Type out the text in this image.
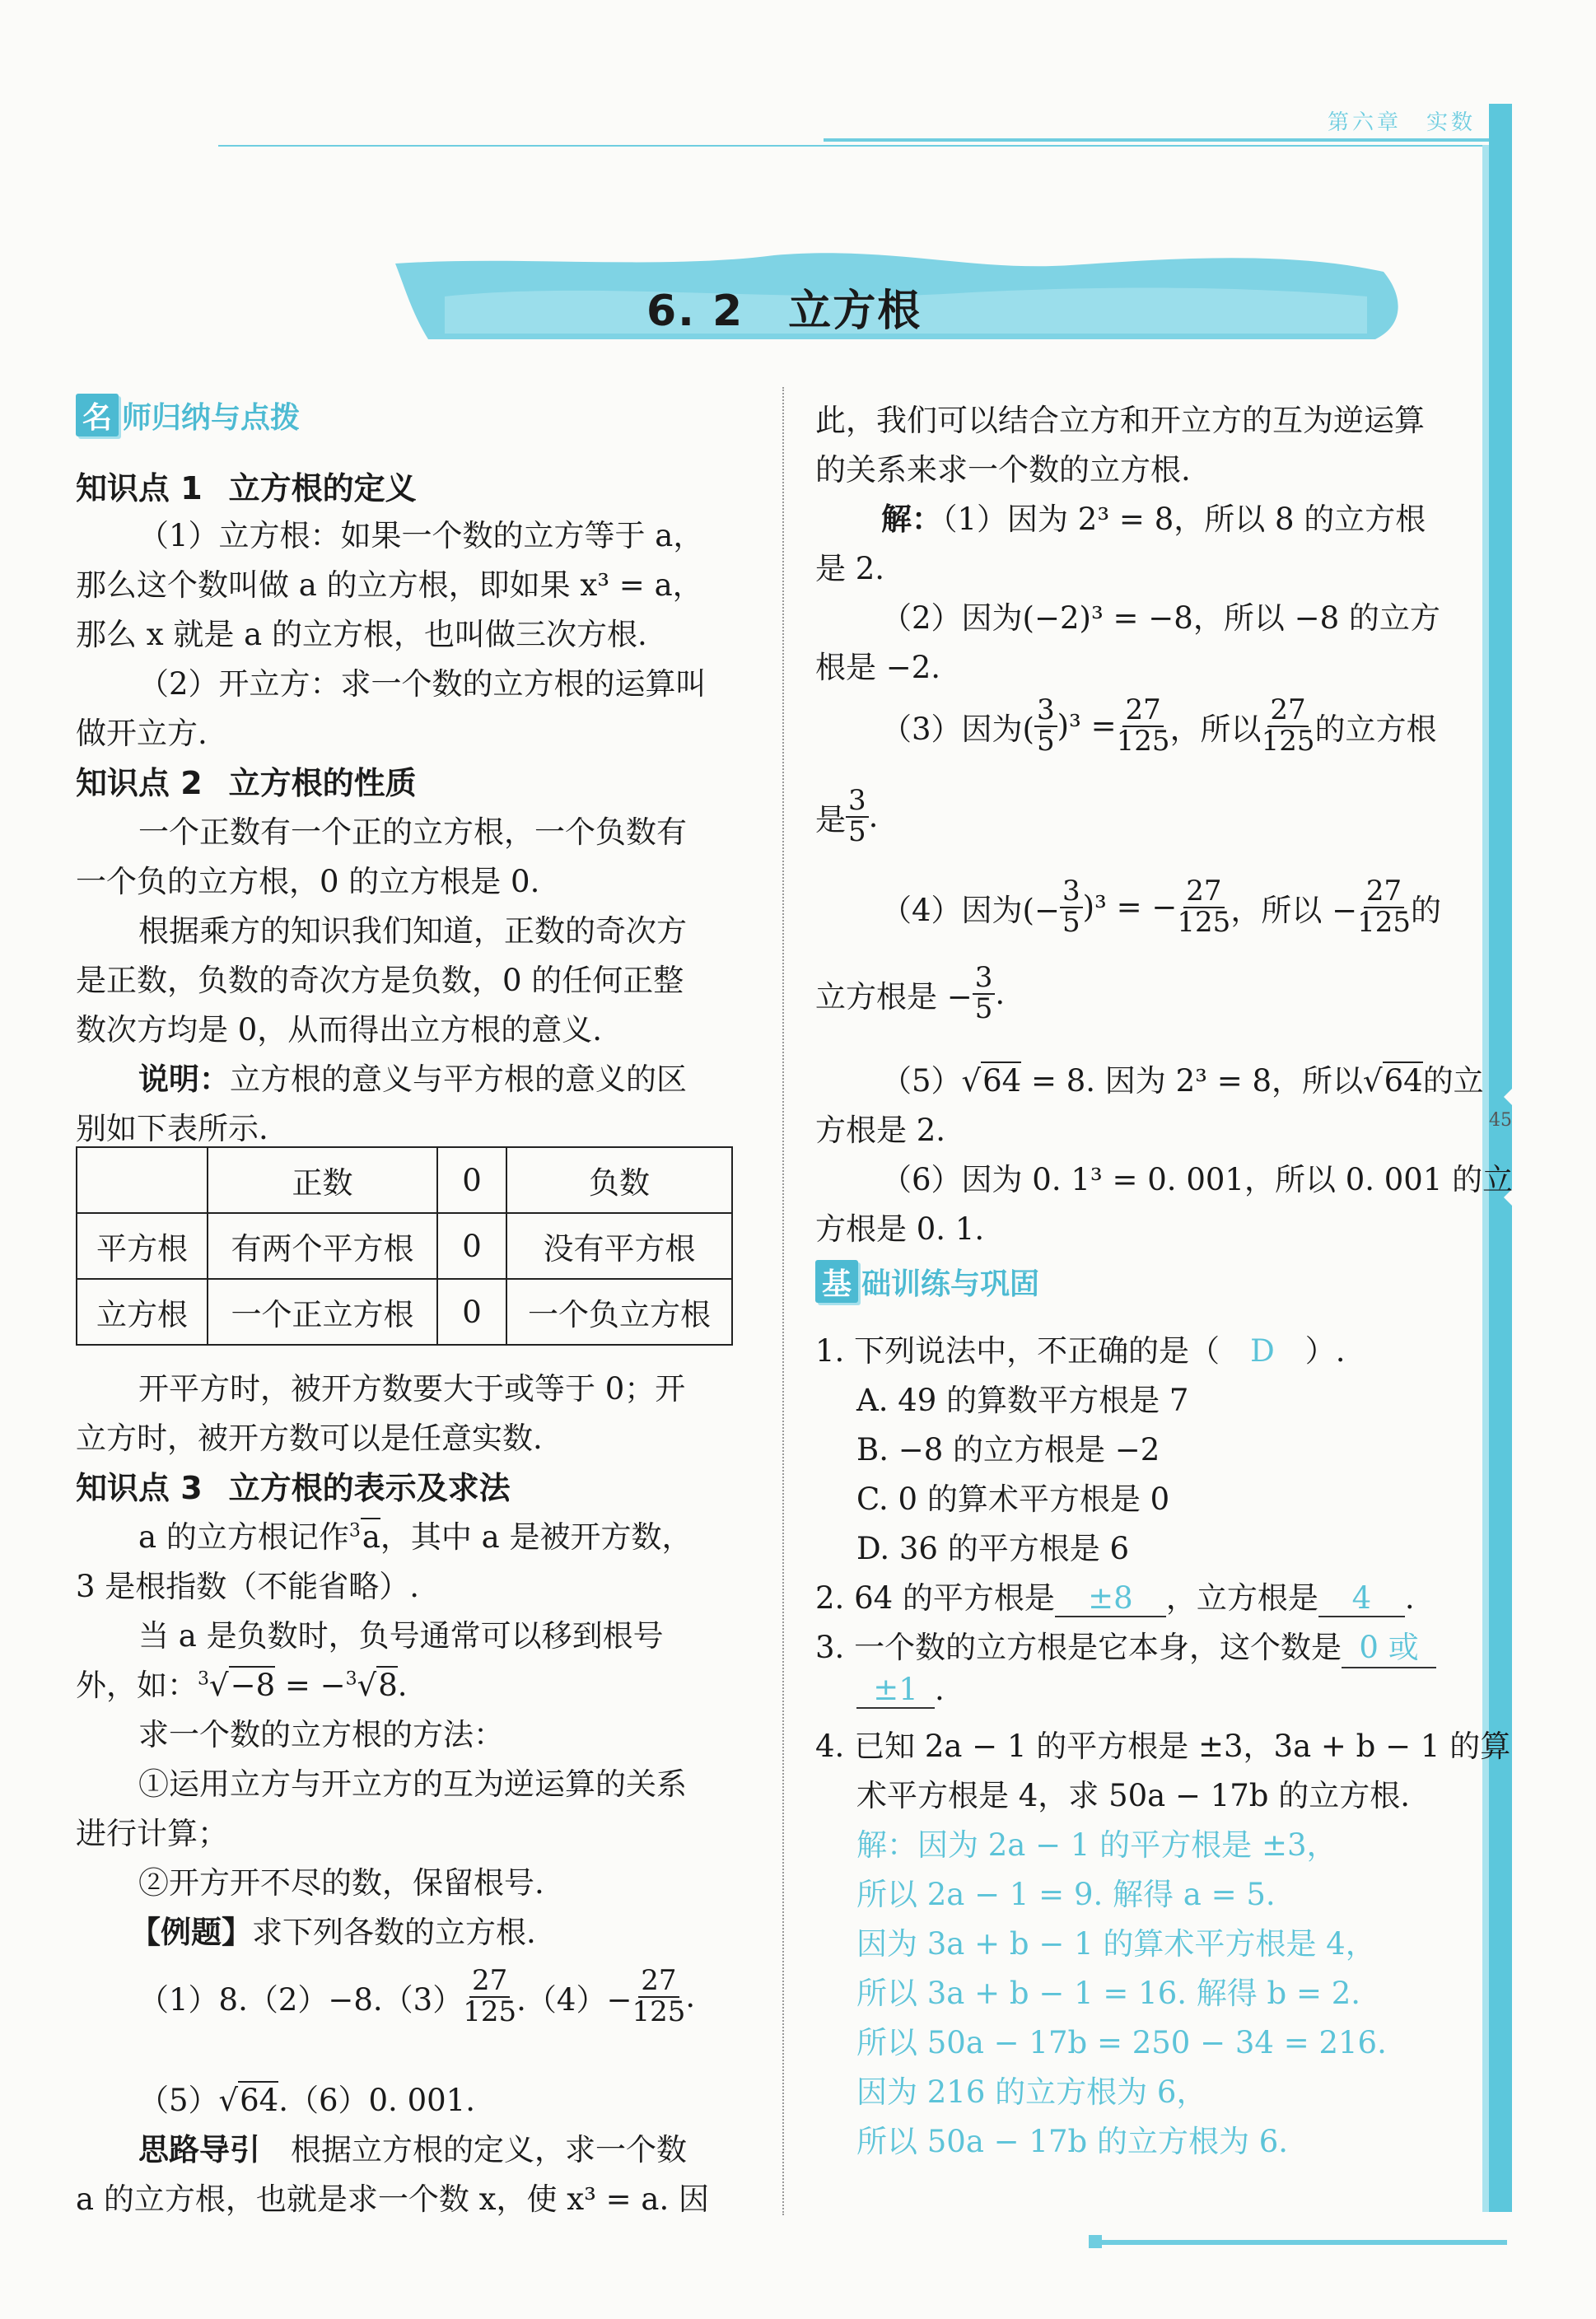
第六章　实数
45
6. 2　立方根
名 师归纳与点拨
知识点 1 立方根的定义
（1）立方根：如果一个数的立方等于 a，
那么这个数叫做 a 的立方根，即如果 x³ = a，
那么 x 就是 a 的立方根，也叫做三次方根.
（2）开立方：求一个数的立方根的运算叫
做开立方.
知识点 2 立方根的性质
一个正数有一个正的立方根，一个负数有
一个负的立方根，0 的立方根是 0.
根据乘方的知识我们知道，正数的奇次方
是正数，负数的奇次方是负数，0 的任何正整
数次方均是 0，从而得出立方根的意义.
说明：立方根的意义与平方根的意义的区
别如下表所示.
	正数	0	负数
平方根	有两个平方根	0	没有平方根
立方根	一个正立方根	0	一个负立方根
开平方时，被开方数要大于或等于 0；开
立方时，被开方数可以是任意实数.
知识点 3 立方根的表示及求法
a 的立方根记作$^3$a，其中 a 是被开方数，
3 是根指数（不能省略）.
当 a 是负数时，负号通常可以移到根号
外，如：$^3$√−8 = −$^3$√8.
求一个数的立方根的方法：
①运用立方与开立方的互为逆运算的关系
进行计算；
②开方开不尽的数，保留根号.
【例题】求下列各数的立方根.
$(1)8.(2)-8.(3) \frac{27}{125} .(4)- \frac{27}{125}$ .
（5）√64.（6）0. 001.
思路导引　 根据立方根的定义，求一个数
a 的立方根，也就是求一个数 x，使 x³ = a. 因
此，我们可以结合立方和开立方的互为逆运算
的关系来求一个数的立方根.
解：（1）因为 2³ = 8，所以 8 的立方根
是 2.
（2）因为(−2)³ = −8，所以 −8 的立方
根是 −2.
（3）因为( $\frac{3}{5} )^3 = \frac{27}{125}$ ，所以 $\frac{27}{125}$ 的立方根
是 $\frac{3}{5}$ .
（4）因为(− $\frac{3}{5} )^3$ = − $\frac{27}{125}$ ，所以 − $\frac{27}{125}$ 的
立方根是 − $\frac{3}{5}$ .
（5）√64 = 8. 因为 2³ = 8，所以√64的立
方根是 2.
（6）因为 0. 1³ = 0. 001，所以 0. 001 的立
方根是 0. 1.
基 础训练与巩固
1. 下列说法中，不正确的是（　 D　 ）.
A. 49 的算数平方根是 7
B. −8 的立方根是 −2
C. 0 的算术平方根是 0
D. 36 的平方根是 6
2. 64 的平方根是 ±8 ，立方根是 4 .
3. 一个数的立方根是它本身，这个数是 0 或
±1 .
4. 已知 2a − 1 的平方根是 ±3，3a + b − 1 的算
术平方根是 4，求 50a − 17b 的立方根.
解：因为 2a − 1 的平方根是 ±3，
所以 2a − 1 = 9. 解得 a = 5.
因为 3a + b − 1 的算术平方根是 4，
所以 3a + b − 1 = 16. 解得 b = 2.
所以 50a − 17b = 250 − 34 = 216.
因为 216 的立方根为 6，
所以 50a − 17b 的立方根为 6.
